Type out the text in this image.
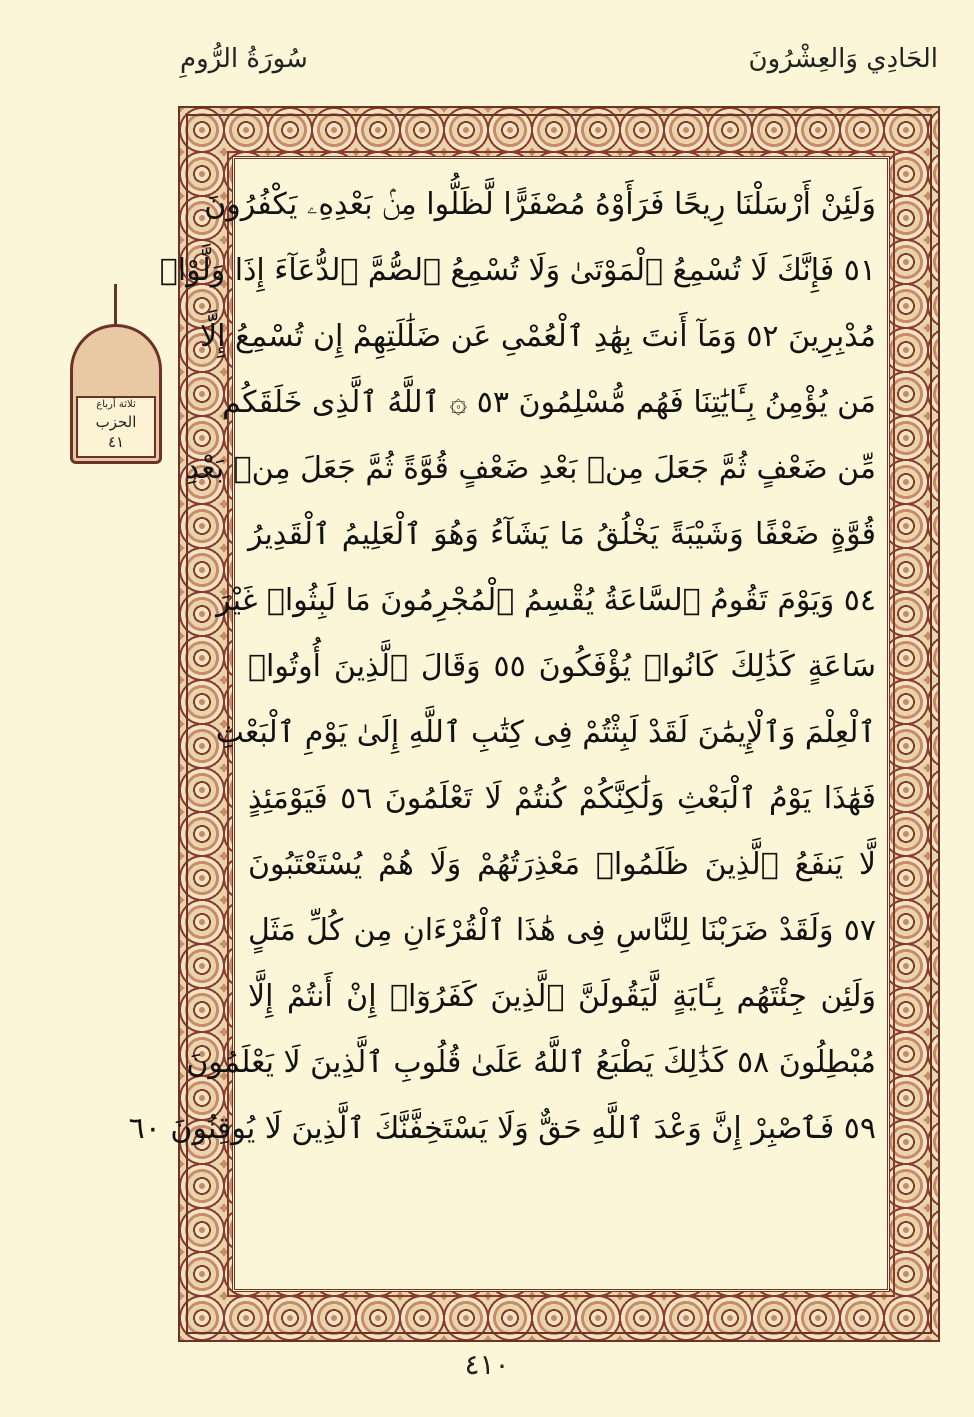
سُورَةُ الرُّومِ	الحَادِي وَالعِشْرُونَ
وَلَئِنْ أَرْسَلْنَا رِيحًا فَرَأَوْهُ مُصْفَرًّا لَّظَلُّوا مِنۢ بَعْدِهِۦ يَكْفُرُونَ
٥١ فَإِنَّكَ لَا تُسْمِعُ ٱلْمَوْتَىٰ وَلَا تُسْمِعُ ٱلصُّمَّ ٱلدُّعَآءَ إِذَا وَلَّوْا۟
مُدْبِرِينَ ٥٢ وَمَآ أَنتَ بِهَٰدِ ٱلْعُمْىِ عَن ضَلَٰلَتِهِمْ إِن تُسْمِعُ إِلَّا
مَن يُؤْمِنُ بِـَٔايَٰتِنَا فَهُم مُّسْلِمُونَ ٥٣ ۞ ٱللَّهُ ٱلَّذِى خَلَقَكُم
مِّن ضَعْفٍ ثُمَّ جَعَلَ مِنۢ بَعْدِ ضَعْفٍ قُوَّةً ثُمَّ جَعَلَ مِنۢ بَعْدِ
قُوَّةٍ ضَعْفًا وَشَيْبَةً يَخْلُقُ مَا يَشَآءُ وَهُوَ ٱلْعَلِيمُ ٱلْقَدِيرُ
٥٤ وَيَوْمَ تَقُومُ ٱلسَّاعَةُ يُقْسِمُ ٱلْمُجْرِمُونَ مَا لَبِثُوا۟ غَيْرَ
سَاعَةٍ كَذَٰلِكَ كَانُوا۟ يُؤْفَكُونَ ٥٥ وَقَالَ ٱلَّذِينَ أُوتُوا۟
ٱلْعِلْمَ وَٱلْإِيمَٰنَ لَقَدْ لَبِثْتُمْ فِى كِتَٰبِ ٱللَّهِ إِلَىٰ يَوْمِ ٱلْبَعْثِ
فَهَٰذَا يَوْمُ ٱلْبَعْثِ وَلَٰكِنَّكُمْ كُنتُمْ لَا تَعْلَمُونَ ٥٦ فَيَوْمَئِذٍ
لَّا يَنفَعُ ٱلَّذِينَ ظَلَمُوا۟ مَعْذِرَتُهُمْ وَلَا هُمْ يُسْتَعْتَبُونَ
٥٧ وَلَقَدْ ضَرَبْنَا لِلنَّاسِ فِى هَٰذَا ٱلْقُرْءَانِ مِن كُلِّ مَثَلٍ
وَلَئِن جِئْتَهُم بِـَٔايَةٍ لَّيَقُولَنَّ ٱلَّذِينَ كَفَرُوٓا۟ إِنْ أَنتُمْ إِلَّا
مُبْطِلُونَ ٥٨ كَذَٰلِكَ يَطْبَعُ ٱللَّهُ عَلَىٰ قُلُوبِ ٱلَّذِينَ لَا يَعْلَمُونَ
٥٩ فَٱصْبِرْ إِنَّ وَعْدَ ٱللَّهِ حَقٌّ وَلَا يَسْتَخِفَّنَّكَ ٱلَّذِينَ لَا يُوقِنُونَ ٦٠
ثلاثة أرباع
الحزب
٤١
٤١٠
